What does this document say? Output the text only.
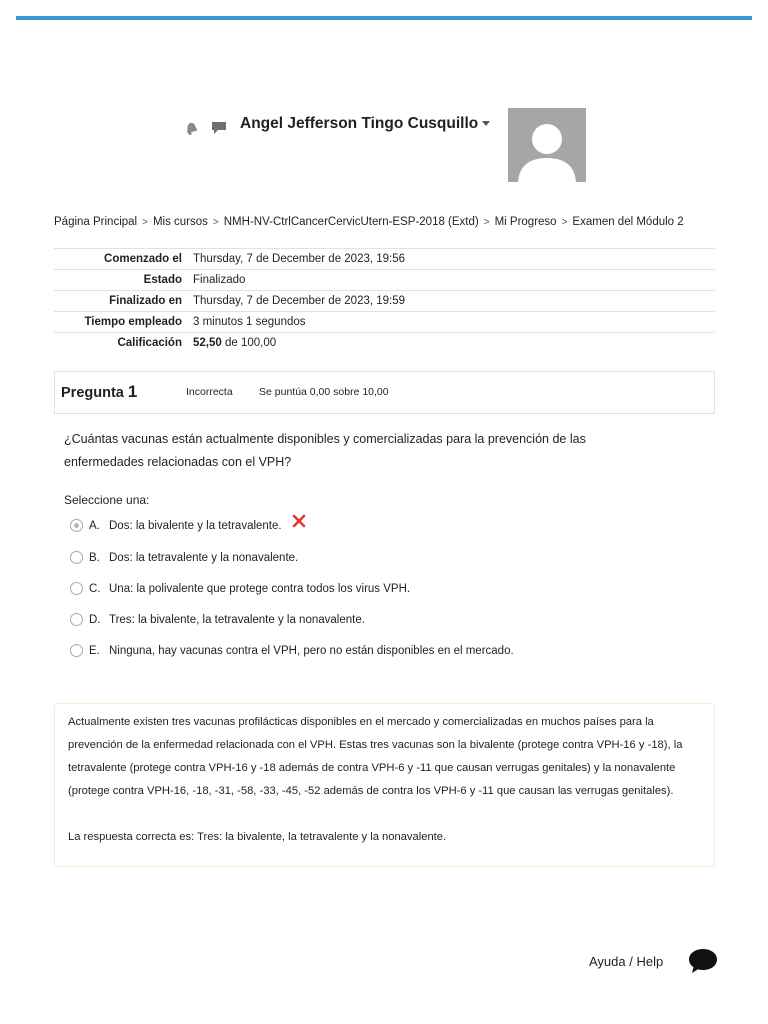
Angel Jefferson Tingo Cusquillo
Página Principal > Mis cursos > NMH-NV-CtrlCancerCervicUtern-ESP-2018 (Extd) > Mi Progreso > Examen del Módulo 2
Comenzado el	Thursday, 7 de December de 2023, 19:56
Estado	Finalizado
Finalizado en	Thursday, 7 de December de 2023, 19:59
Tiempo empleado	3 minutos 1 segundos
Calificación	52,50 de 100,00
Pregunta 1	Incorrecta	Se puntúa 0,00 sobre 10,00
¿Cuántas vacunas están actualmente disponibles y comercializadas para la prevención de las enfermedades relacionadas con el VPH?
Seleccione una:
A. Dos: la bivalente y la tetravalente.
B. Dos: la tetravalente y la nonavalente.
C. Una: la polivalente que protege contra todos los virus VPH.
D. Tres: la bivalente, la tetravalente y la nonavalente.
E. Ninguna, hay vacunas contra el VPH, pero no están disponibles en el mercado.
Actualmente existen tres vacunas profilácticas disponibles en el mercado y comercializadas en muchos países para la prevención de la enfermedad relacionada con el VPH. Estas tres vacunas son la bivalente (protege contra VPH-16 y -18), la tetravalente (protege contra VPH-16 y -18 además de contra VPH-6 y -11 que causan verrugas genitales) y la nonavalente (protege contra VPH-16, -18, -31, -58, -33, -45, -52 además de contra los VPH-6 y -11 que causan las verrugas genitales).
La respuesta correcta es: Tres: la bivalente, la tetravalente y la nonavalente.
Ayuda / Help
